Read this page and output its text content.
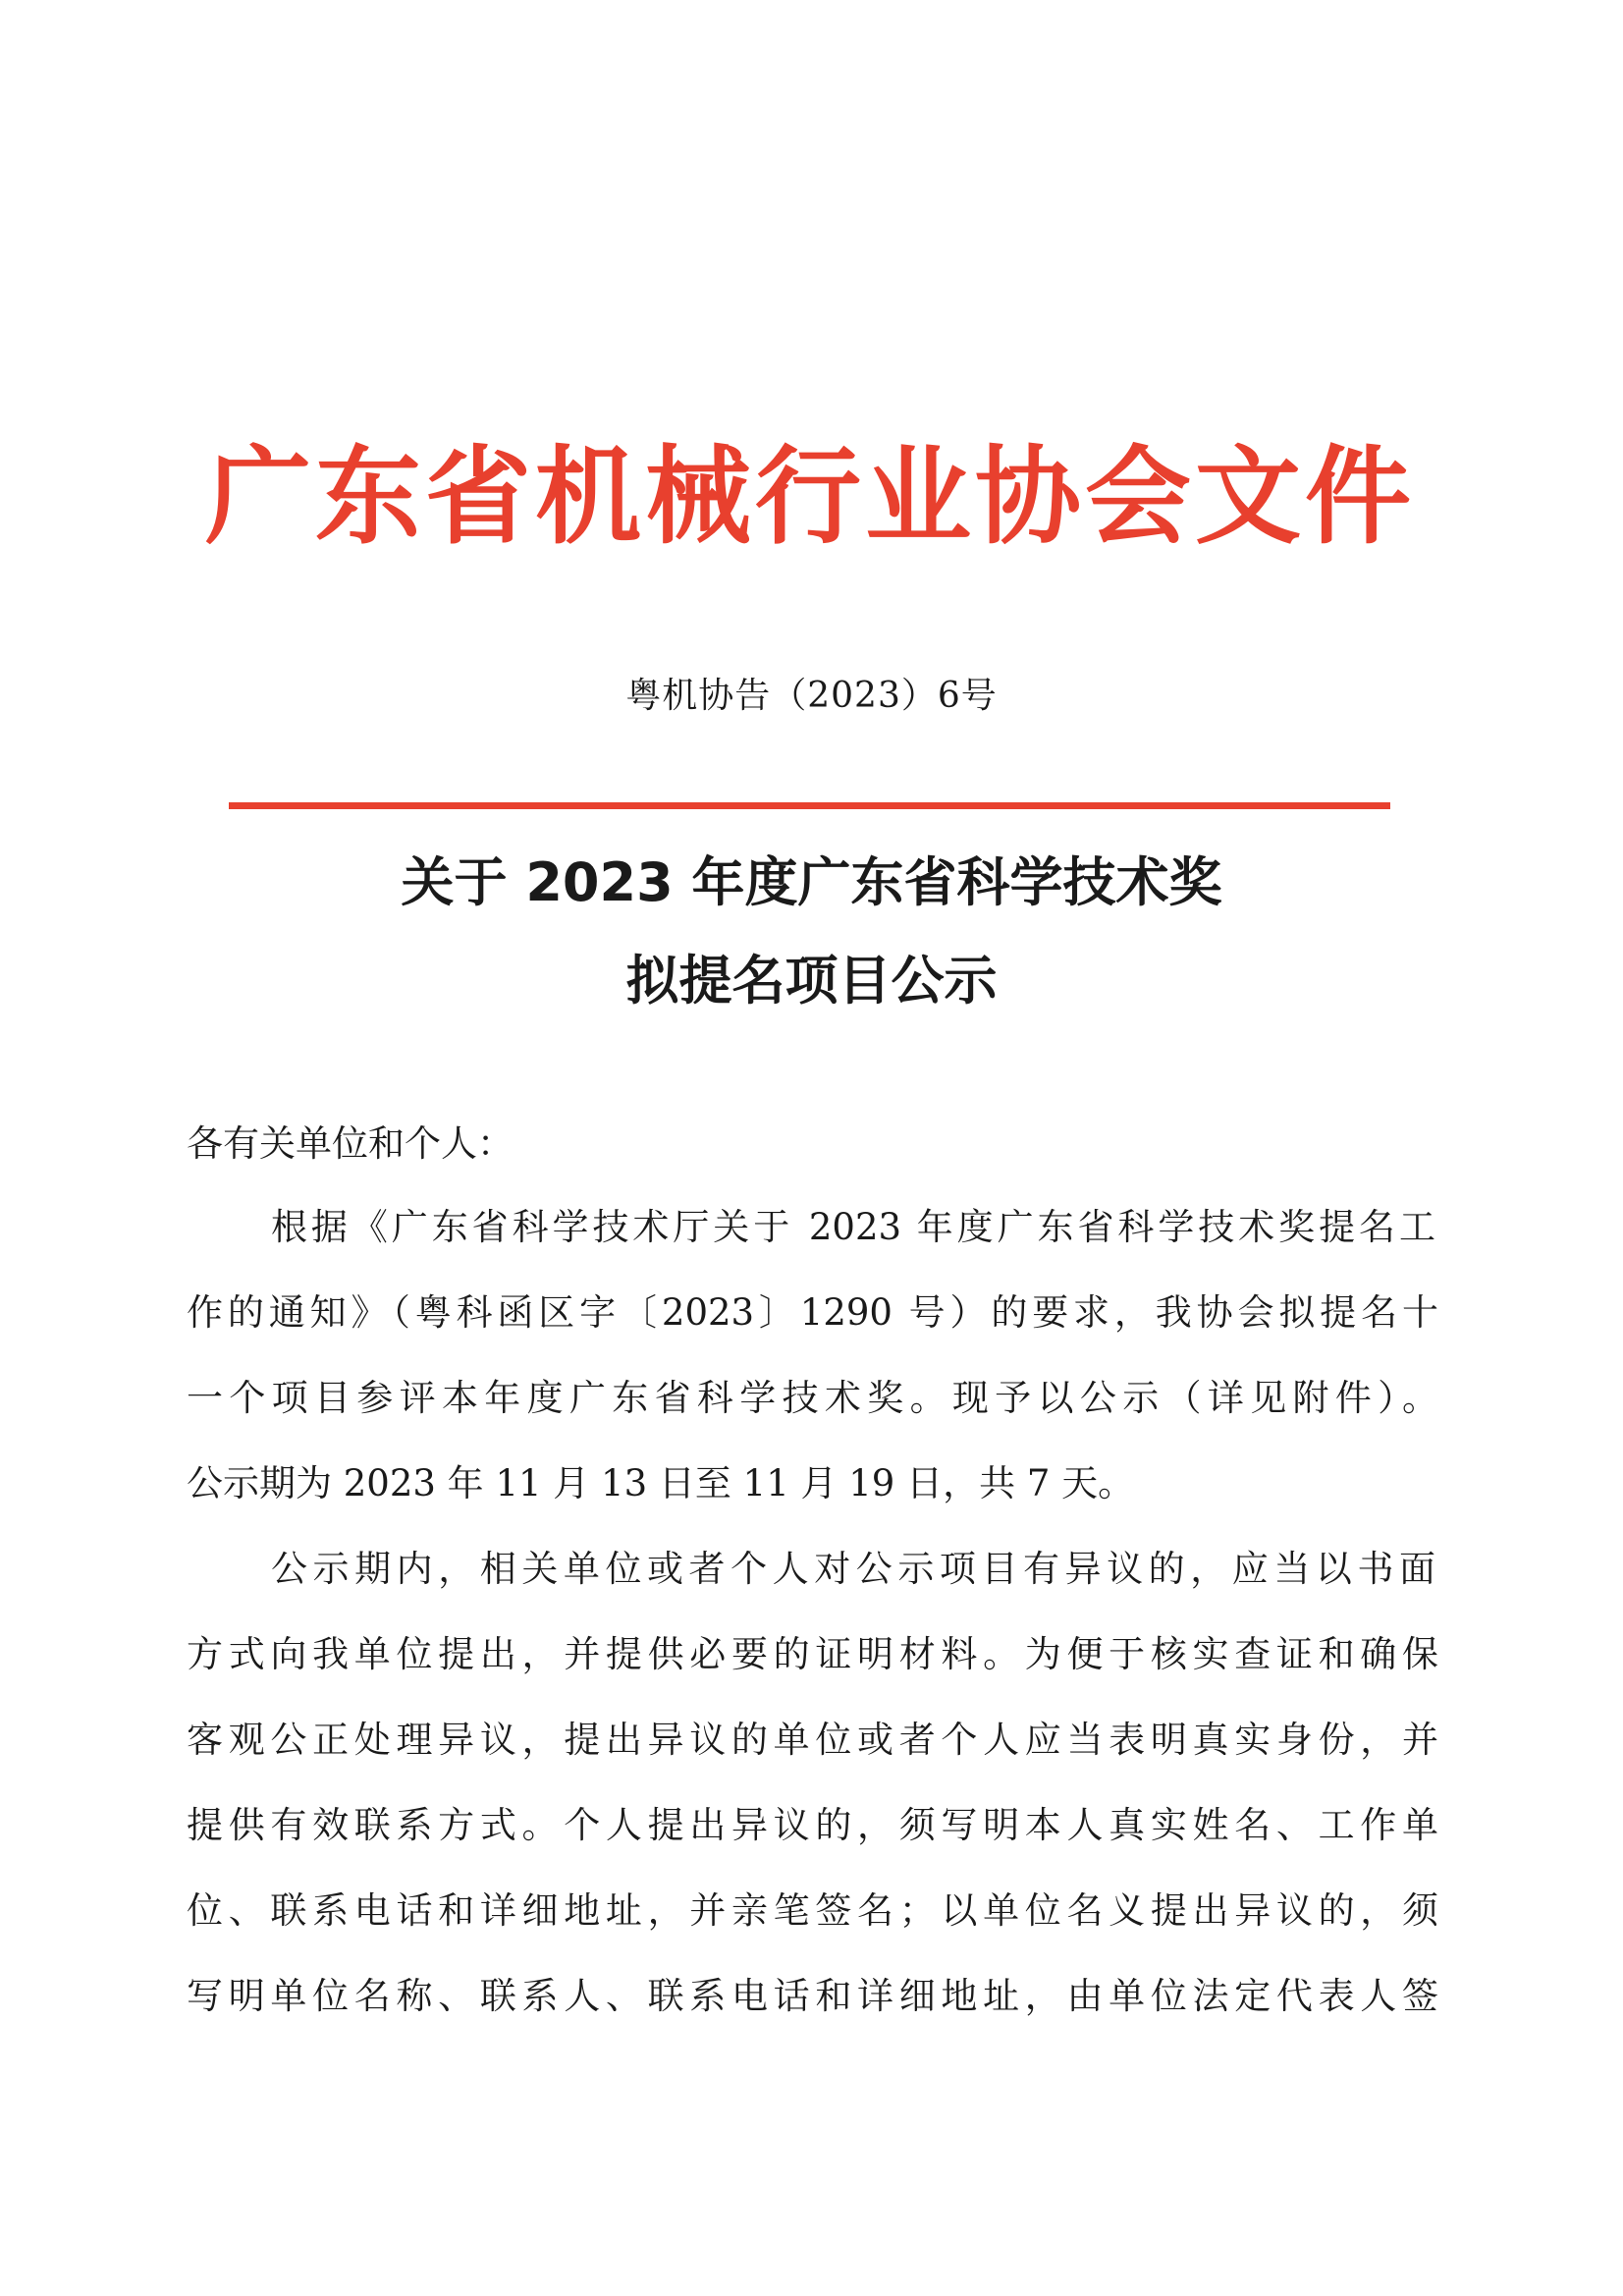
广东省机械行业协会文件
粤机协告（2023）6号
关于 2023 年度广东省科学技术奖
拟提名项目公示
各有关单位和个人：
根据《广东省科学技术厅关于 2023 年度广东省科学技术奖提名工
作的通知》（粤科函区字〔2023〕1290 号）的要求，我协会拟提名十
一个项目参评本年度广东省科学技术奖。现予以公示（详见附件）。
公示期为 2023 年 11 月 13 日至 11 月 19 日，共 7 天。
公示期内，相关单位或者个人对公示项目有异议的，应当以书面
方式向我单位提出，并提供必要的证明材料。为便于核实查证和确保
客观公正处理异议，提出异议的单位或者个人应当表明真实身份，并
提供有效联系方式。个人提出异议的，须写明本人真实姓名、工作单
位、联系电话和详细地址，并亲笔签名；以单位名义提出异议的，须
写明单位名称、联系人、联系电话和详细地址，由单位法定代表人签
